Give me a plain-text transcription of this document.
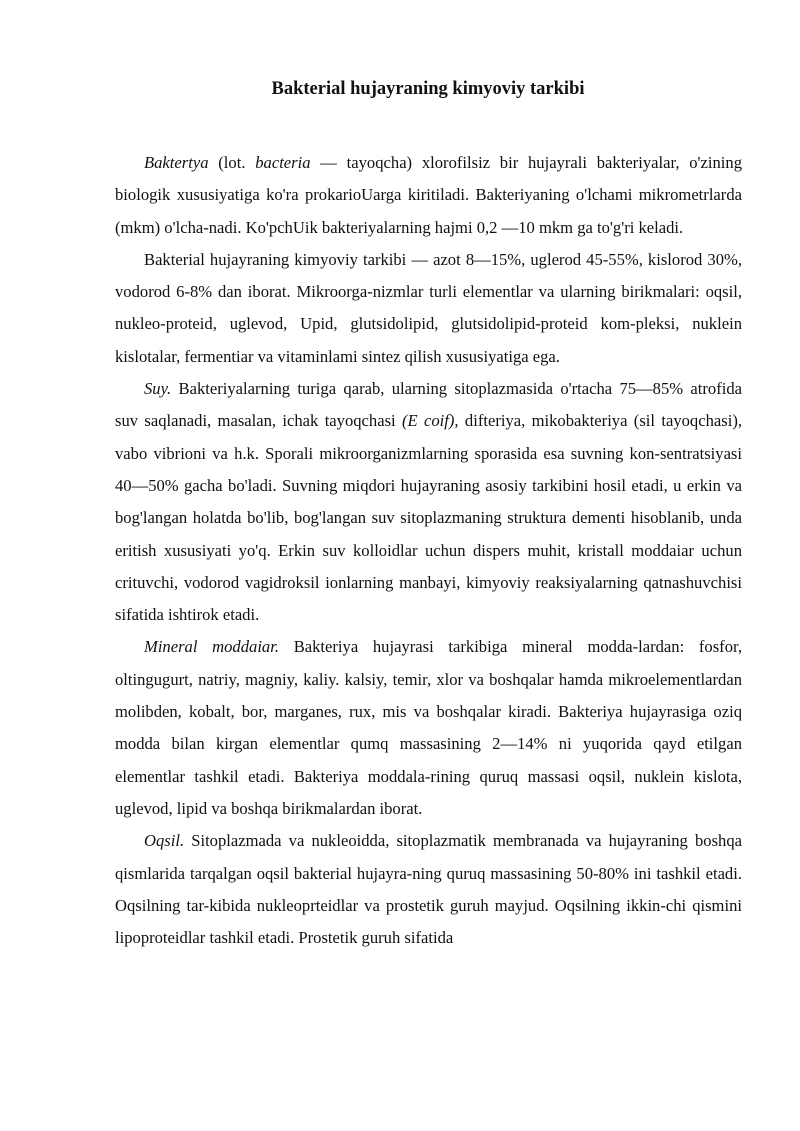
Bakterial hujayraning kimyoviy tarkibi

Baktertya (lot. bacteria — tayoqcha) xlorofilsiz bir hujayrali bakteriyalar, o'zining biologik xususiyatiga ko'ra prokarioUarga kiritiladi. Bakteriyaning o'lchami mikrometrlarda (mkm) o'lcha-nadi. Ko'pchUik bakteriyalarning hajmi 0,2 —10 mkm ga to'g'ri keladi.

Bakterial hujayraning kimyoviy tarkibi — azot 8—15%, uglerod 45-55%, kislorod 30%, vodorod 6-8% dan iborat. Mikroorga-nizmlar turli elementlar va ularning birikmalari: oqsil, nukleo-proteid, uglevod, Upid, glutsidolipid, glutsidolipid-proteid kom-pleksi, nuklein kislotalar, fermentiar va vitaminlami sintez qilish xususiyatiga ega.

Suy. Bakteriyalarning turiga qarab, ularning sitoplazmasida o'rtacha 75—85% atrofida suv saqlanadi, masalan, ichak tayoqchasi (E coif), difteriya, mikobakteriya (sil tayoqchasi), vabo vibrioni va h.k. Sporali mikroorganizmlarning sporasida esa suvning kon-sentratsiyasi 40—50% gacha bo'ladi. Suvning miqdori hujayraning asosiy tarkibini hosil etadi, u erkin va bog'langan holatda bo'lib, bog'langan suv sitoplazmaning struktura dementi hisoblanib, unda eritish xususiyati yo'q. Erkin suv kolloidlar uchun dispers muhit, kristall moddaiar uchun crituvchi, vodorod vagidroksil ionlarning manbayi, kimyoviy reaksiyalarning qatnashuvchisi sifatida ishtirok etadi.

Mineral moddaiar. Bakteriya hujayrasi tarkibiga mineral modda-lardan: fosfor, oltingugurt, natriy, magniy, kaliy. kalsiy, temir, xlor va boshqalar hamda mikroelementlardan molibden, kobalt, bor, marganes, rux, mis va boshqalar kiradi. Bakteriya hujayrasiga oziq modda bilan kirgan elementlar qumq massasining 2—14% ni yuqorida qayd etilgan elementlar tashkil etadi. Bakteriya moddala-rining quruq massasi oqsil, nuklein kislota, uglevod, lipid va boshqa birikmalardan iborat.

Oqsil. Sitoplazmada va nukleoidda, sitoplazmatik membranada va hujayraning boshqa qismlarida tarqalgan oqsil bakterial hujayra-ning quruq massasining 50-80% ini tashkil etadi. Oqsilning tar-kibida nukleoprteidlar va prostetik guruh mayjud. Oqsilning ikkin-chi qismini lipoproteidlar tashkil etadi. Prostetik guruh sifatida
